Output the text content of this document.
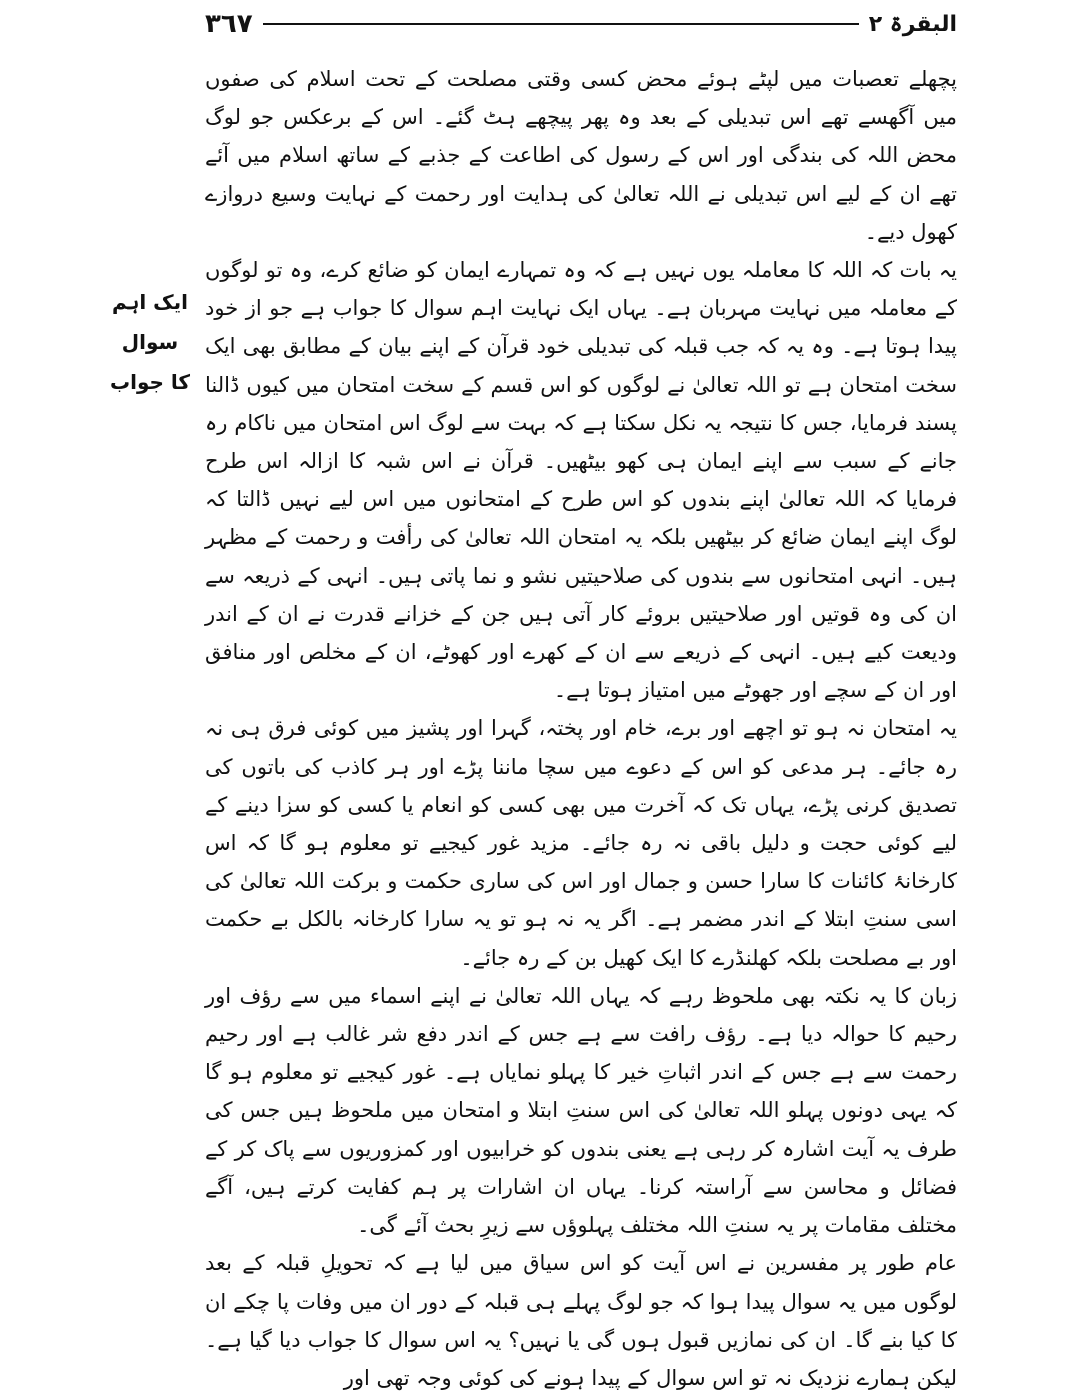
٣٦٧	البقرۃ ٢
ایک اہم سوال
کا جواب

پچھلے تعصبات میں لپٹے ہوئے محض کسی وقتی مصلحت کے تحت اسلام کی صفوں میں آگھسے تھے اس تبدیلی کے بعد وہ پھر پیچھے ہٹ گئے۔ اس کے برعکس جو لوگ محض اللہ کی بندگی اور اس کے رسول کی اطاعت کے جذبے کے ساتھ اسلام میں آئے تھے ان کے لیے اس تبدیلی نے اللہ تعالیٰ کی ہدایت اور رحمت کے نہایت وسیع دروازے کھول دیے۔

یہ بات کہ اللہ کا معاملہ یوں نہیں ہے کہ وہ تمہارے ایمان کو ضائع کرے، وہ تو لوگوں کے معاملہ میں نہایت مہربان ہے۔ یہاں ایک نہایت اہم سوال کا جواب ہے جو از خود پیدا ہوتا ہے۔ وہ یہ کہ جب قبلہ کی تبدیلی خود قرآن کے اپنے بیان کے مطابق بھی ایک سخت امتحان ہے تو اللہ تعالیٰ نے لوگوں کو اس قسم کے سخت امتحان میں کیوں ڈالنا پسند فرمایا، جس کا نتیجہ یہ نکل سکتا ہے کہ بہت سے لوگ اس امتحان میں ناکام رہ جانے کے سبب سے اپنے ایمان ہی کھو بیٹھیں۔ قرآن نے اس شبہ کا ازالہ اس طرح فرمایا کہ اللہ تعالیٰ اپنے بندوں کو اس طرح کے امتحانوں میں اس لیے نہیں ڈالتا کہ لوگ اپنے ایمان ضائع کر بیٹھیں بلکہ یہ امتحان اللہ تعالیٰ کی رأفت و رحمت کے مظہر ہیں۔ انہی امتحانوں سے بندوں کی صلاحیتیں نشو و نما پاتی ہیں۔ انہی کے ذریعہ سے ان کی وہ قوتیں اور صلاحیتیں بروئے کار آتی ہیں جن کے خزانے قدرت نے ان کے اندر ودیعت کیے ہیں۔ انہی کے ذریعے سے ان کے کھرے اور کھوٹے، ان کے مخلص اور منافق اور ان کے سچے اور جھوٹے میں امتیاز ہوتا ہے۔

یہ امتحان نہ ہو تو اچھے اور برے، خام اور پختہ، گہرا اور پشیز میں کوئی فرق ہی نہ رہ جائے۔ ہر مدعی کو اس کے دعوے میں سچا ماننا پڑے اور ہر کاذب کی باتوں کی تصدیق کرنی پڑے، یہاں تک کہ آخرت میں بھی کسی کو انعام یا کسی کو سزا دینے کے لیے کوئی حجت و دلیل باقی نہ رہ جائے۔ مزید غور کیجیے تو معلوم ہو گا کہ اس کارخانۂ کائنات کا سارا حسن و جمال اور اس کی ساری حکمت و برکت اللہ تعالیٰ کی اسی سنتِ ابتلا کے اندر مضمر ہے۔ اگر یہ نہ ہو تو یہ سارا کارخانہ بالکل بے حکمت اور بے مصلحت بلکہ کھلنڈرے کا ایک کھیل بن کے رہ جائے۔

زبان کا یہ نکتہ بھی ملحوظ رہے کہ یہاں اللہ تعالیٰ نے اپنے اسماء میں سے رؤف اور رحیم کا حوالہ دیا ہے۔ رؤف رافت سے ہے جس کے اندر دفع شر غالب ہے اور رحیم رحمت سے ہے جس کے اندر اثباتِ خیر کا پہلو نمایاں ہے۔ غور کیجیے تو معلوم ہو گا کہ یہی دونوں پہلو اللہ تعالیٰ کی اس سنتِ ابتلا و امتحان میں ملحوظ ہیں جس کی طرف یہ آیت اشارہ کر رہی ہے یعنی بندوں کو خرابیوں اور کمزوریوں سے پاک کر کے فضائل و محاسن سے آراستہ کرنا۔ یہاں ان اشارات پر ہم کفایت کرتے ہیں، آگے مختلف مقامات پر یہ سنتِ اللہ مختلف پہلوؤں سے زیرِ بحث آئے گی۔

عام طور پر مفسرین نے اس آیت کو اس سیاق میں لیا ہے کہ تحویلِ قبلہ کے بعد لوگوں میں یہ سوال پیدا ہوا کہ جو لوگ پہلے ہی قبلہ کے دور ان میں وفات پا چکے ان کا کیا بنے گا۔ ان کی نمازیں قبول ہوں گی یا نہیں؟ یہ اس سوال کا جواب دیا گیا ہے۔ لیکن ہمارے نزدیک نہ تو اس سوال کے پیدا ہونے کی کوئی وجہ تھی اور
